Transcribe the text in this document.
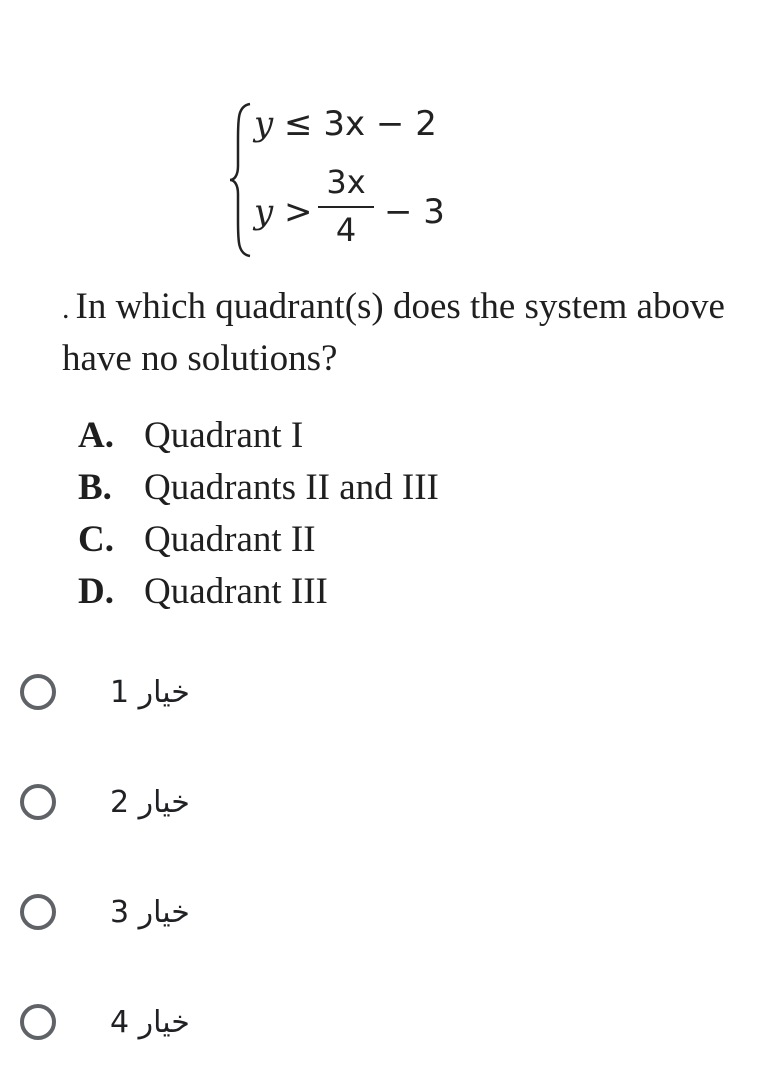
y ≤ 3x − 2
y >
3x
4 − 3
. In which quadrant(s) does the system above have no solutions?
A. Quadrant I
B. Quadrants II and III
C. Quadrant II
D. Quadrant III
خيار 1
خيار 2
خيار 3
خيار 4
